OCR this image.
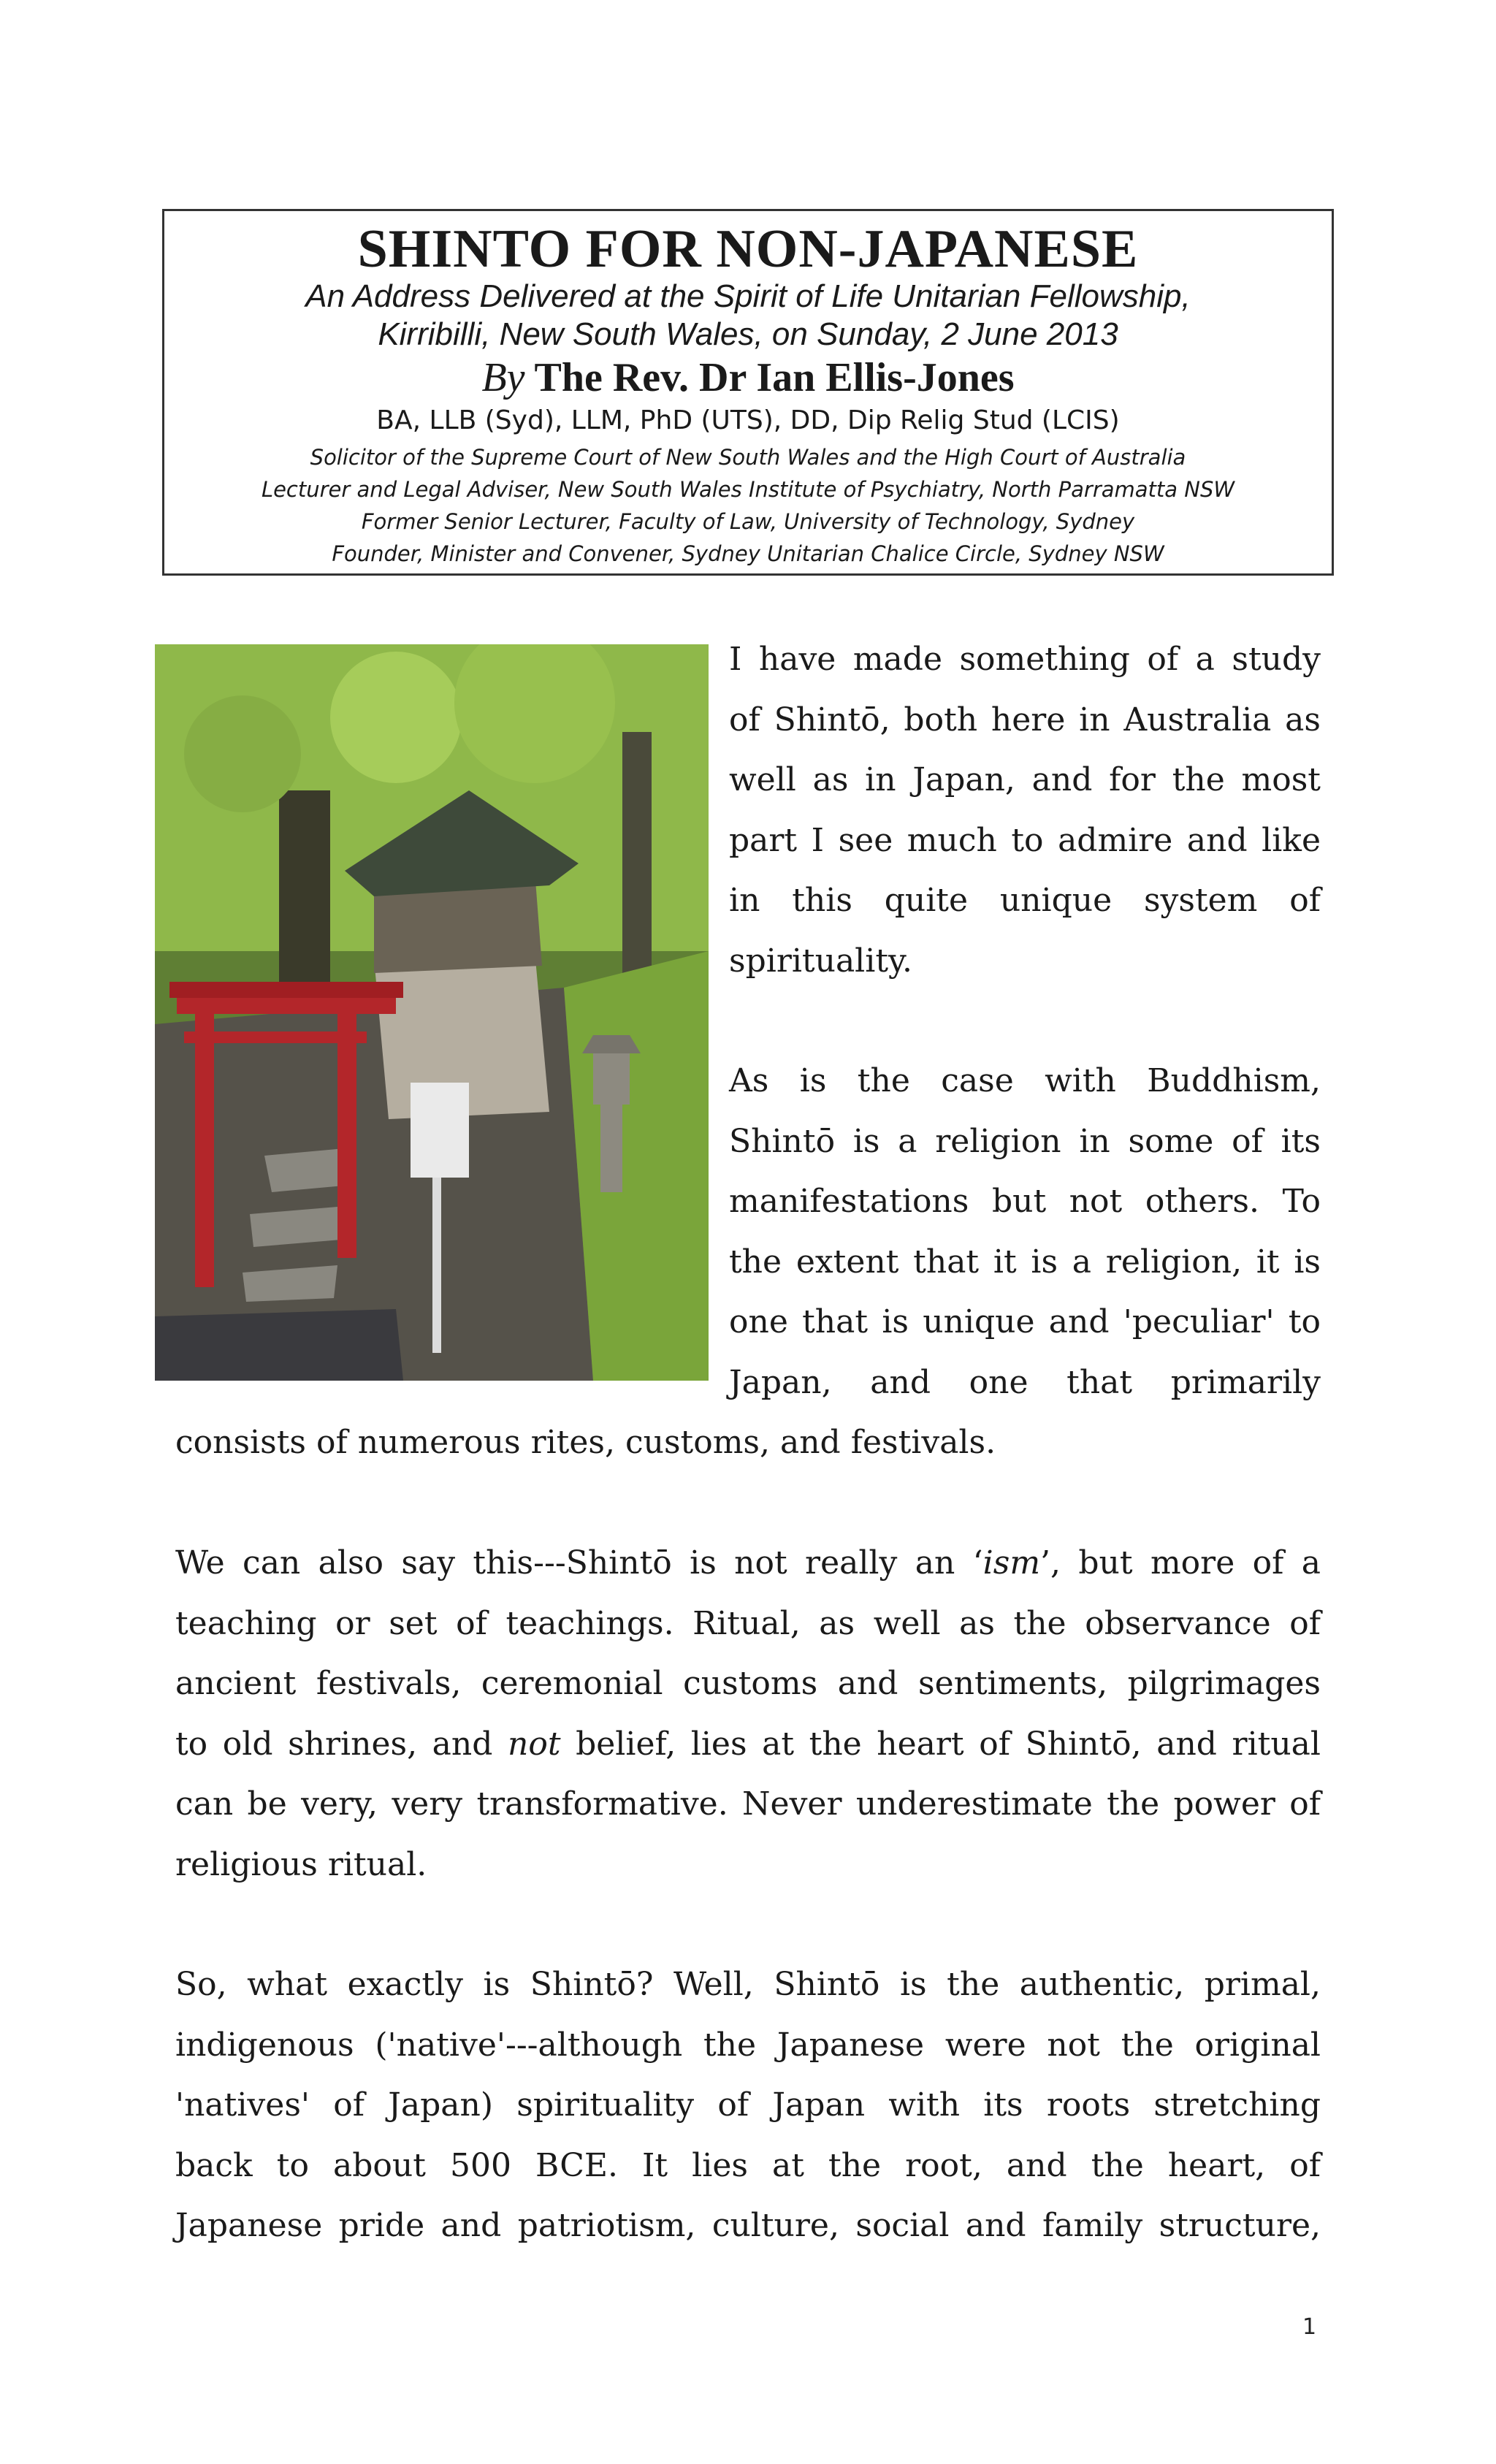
SHINTO FOR NON-JAPANESE
An Address Delivered at the Spirit of Life Unitarian Fellowship,
Kirribilli, New South Wales, on Sunday, 2 June 2013
By The Rev. Dr Ian Ellis-Jones
BA, LLB (Syd), LLM, PhD (UTS), DD, Dip Relig Stud (LCIS)
Solicitor of the Supreme Court of New South Wales and the High Court of Australia
Lecturer and Legal Adviser, New South Wales Institute of Psychiatry, North Parramatta NSW
Former Senior Lecturer, Faculty of Law, University of Technology, Sydney
Founder, Minister and Convener, Sydney Unitarian Chalice Circle, Sydney NSW
I have made something of a study
of Shintō, both here in Australia as
well as in Japan, and for the most
part I see much to admire and like
in this quite unique system of
spirituality.
As is the case with Buddhism,
Shintō is a religion in some of its
manifestations but not others. To
the extent that it is a religion, it is
one that is unique and 'peculiar' to
Japan, and one that primarily
consists of numerous rites, customs, and festivals.
We can also say this---Shintō is not really an ‘ism’, but more of a
teaching or set of teachings. Ritual, as well as the observance of
ancient festivals, ceremonial customs and sentiments, pilgrimages
to old shrines, and not belief, lies at the heart of Shintō, and ritual
can be very, very transformative. Never underestimate the power of
religious ritual.
So, what exactly is Shintō? Well, Shintō is the authentic, primal,
indigenous ('native'---although the Japanese were not the original
'natives' of Japan) spirituality of Japan with its roots stretching
back to about 500 BCE. It lies at the root, and the heart, of
Japanese pride and patriotism, culture, social and family structure,
1
